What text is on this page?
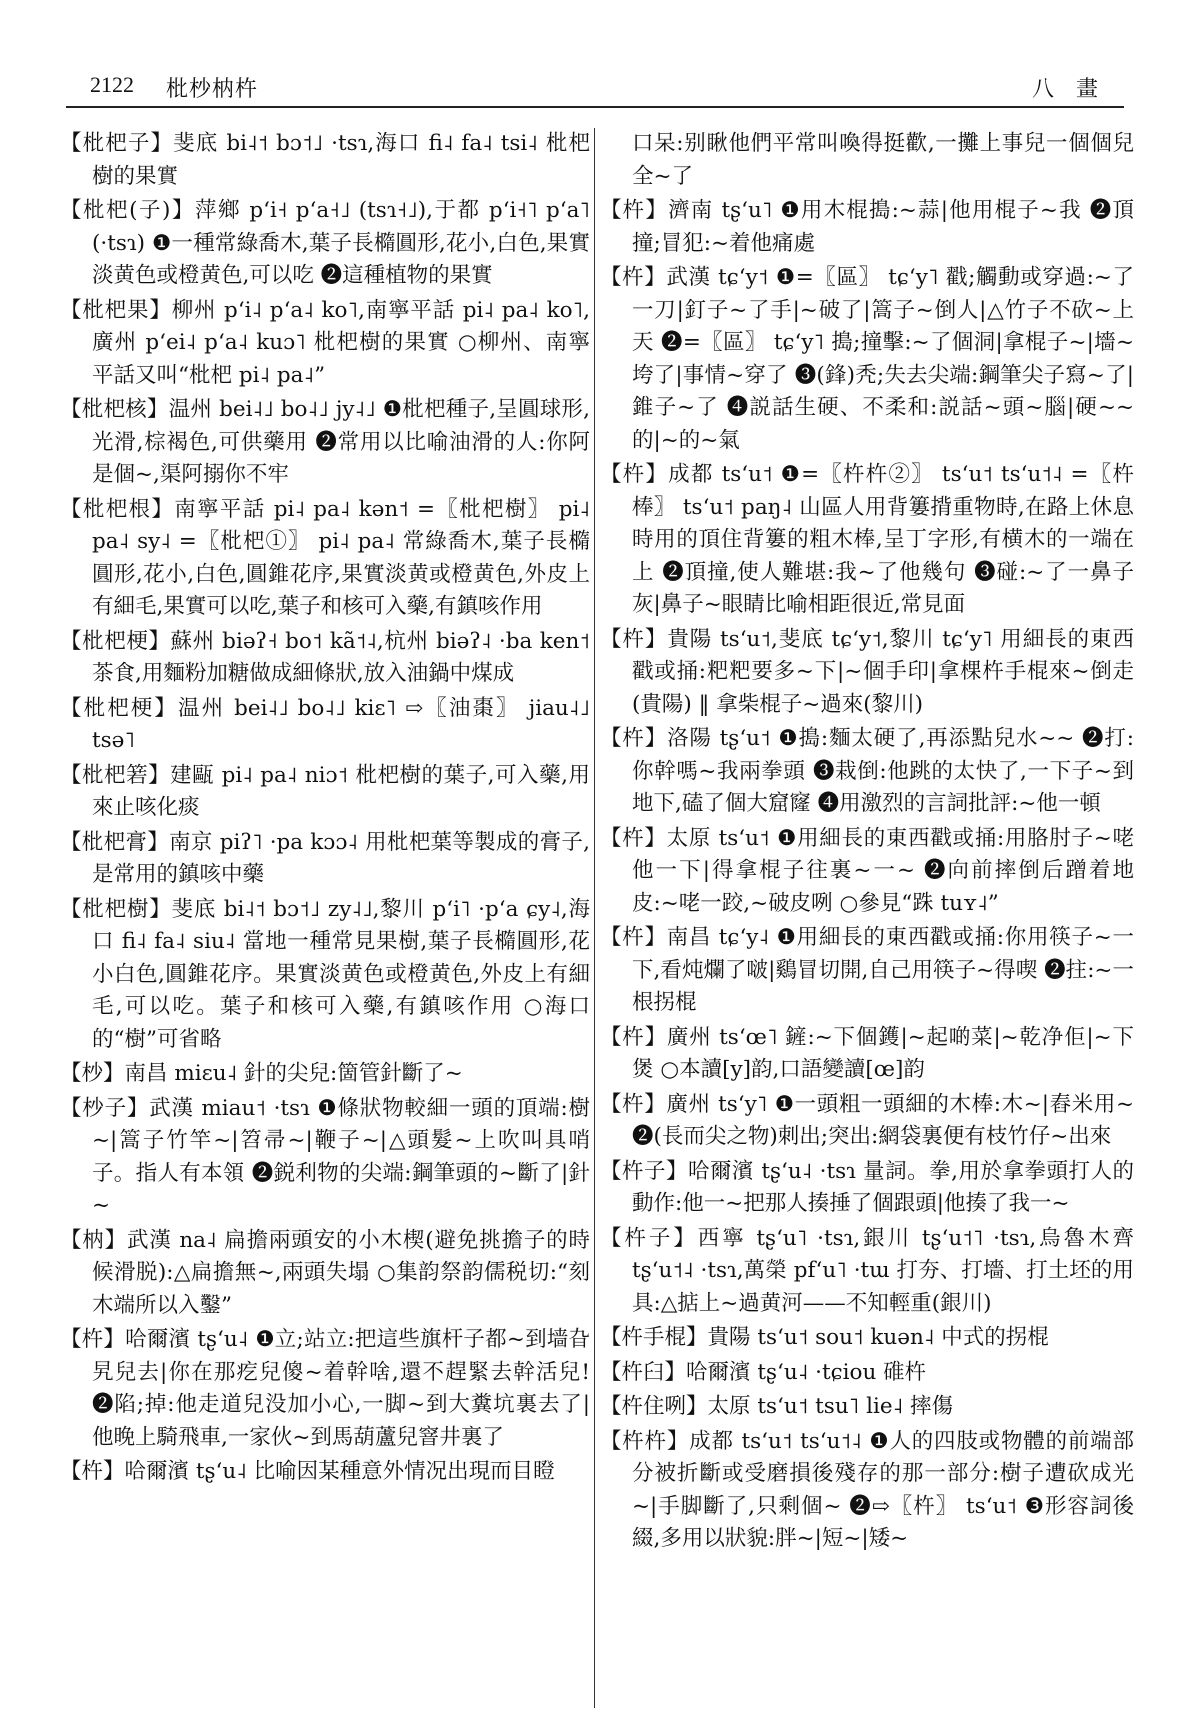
2122 枇杪枘杵	八畫

【枇杷子】斐底 bi˨˦ bɔ˦˩ ·tsɿ,海口 fi˨ fa˨ tsi˨ 枇杷樹的果實

【枇杷(子)】萍鄉 pʻi˧ pʻa˧˩ (tsɿ˧˩),于都 pʻi˧˥ pʻa˥ (·tsɿ) ❶一種常綠喬木,葉子長橢圓形,花小,白色,果實淡黄色或橙黄色,可以吃 ❷這種植物的果實

【枇杷果】柳州 pʻi˨ pʻa˨ ko˥,南寧平話 pi˨ pa˨ ko˥,廣州 pʻei˨ pʻa˨ kuɔ˥ 枇杷樹的果實 ○柳州、南寧平話又叫“枇杷 pi˨ pa˨”

【枇杷核】温州 bei˨˩ bo˨˩ jy˨˩ ❶枇杷種子,呈圓球形,光滑,棕褐色,可供藥用 ❷常用以比喻油滑的人:你阿是個~,渠阿搦你不牢

【枇杷根】南寧平話 pi˨ pa˨ kən˦ =〖枇杷樹〗 pi˨ pa˨ sy˨ =〖枇杷①〗 pi˨ pa˨ 常綠喬木,葉子長橢圓形,花小,白色,圓錐花序,果實淡黄或橙黄色,外皮上有細毛,果實可以吃,葉子和核可入藥,有鎮咳作用

【枇杷梗】蘇州 biəʔ˧ bo˦ kã˦˨,杭州 biəʔ˨ ·ba ken˦ 茶食,用麵粉加糖做成細條狀,放入油鍋中煤成

【枇杷梗】温州 bei˨˩ bo˨˩ kiɛ˥ ⇨〖油棗〗 jiau˨˩ tsə˥

【枇杷箬】建甌 pi˨ pa˨ niɔ˦ 枇杷樹的葉子,可入藥,用來止咳化痰

【枇杷膏】南京 piʔ˥ ·pa kɔɔ˨ 用枇杷葉等製成的膏子,是常用的鎮咳中藥

【枇杷樹】斐底 bi˨˦ bɔ˦˩ zy˨˩,黎川 pʻi˥ ·pʻa ɕy˨,海口 fi˨ fa˨ siu˨ 當地一種常見果樹,葉子長橢圓形,花小白色,圓錐花序。果實淡黄色或橙黄色,外皮上有細毛,可以吃。葉子和核可入藥,有鎮咳作用 ○海口的“樹”可省略

【杪】南昌 miɛu˨ 針的尖兒:箇管針斷了~

【杪子】武漢 miau˦ ·tsɿ ❶條狀物較細一頭的頂端:樹~|篙子竹竿~|笤帚~|鞭子~|△頭髮~上吹叫具哨子。指人有本領 ❷鋭利物的尖端:鋼筆頭的~斷了|針~

【枘】武漢 na˨ 扁擔兩頭安的小木楔(避免挑擔子的時候滑脱):△扁擔無~,兩頭失塌 ○集韵祭韵儒税切:“刻木端所以入鑿”

【杵】哈爾濱 tʂʻu˨ ❶立;站立:把這些旗杆子都~到墙旮旯兒去|你在那疙兒傻~着幹啥,還不趕緊去幹活兒! ❷陷;掉:他走道兒没加小心,一脚~到大糞坑裏去了|他晚上騎飛車,一家伙~到馬葫蘆兒窨井裏了

【杵】哈爾濱 tʂʻu˨ 比喻因某種意外情况出現而目瞪

口呆:别瞅他們平常叫喚得挺歡,一攤上事兒一個個兒全~了

【杵】濟南 tʂʻu˥ ❶用木棍搗:~蒜|他用棍子~我 ❷頂撞;冒犯:~着他痛處

【杵】武漢 tɕʻy˦ ❶=〖區〗 tɕʻy˥ 戳;觸動或穿過:~了一刀|釘子~了手|~破了|篙子~倒人|△竹子不砍~上天 ❷=〖區〗 tɕʻy˥ 搗;撞擊:~了個洞|拿棍子~|墻~垮了|事情~穿了 ❸(鋒)秃;失去尖端:鋼筆尖子寫~了|錐子~了 ❹説話生硬、不柔和:説話~頭~腦|硬~~的|~的~氣

【杵】成都 tsʻu˦ ❶=〖杵杵②〗 tsʻu˦ tsʻu˦˨ =〖杵棒〗 tsʻu˦ paŋ˨ 山區人用背簍揹重物時,在路上休息時用的頂住背簍的粗木棒,呈丁字形,有横木的一端在上 ❷頂撞,使人難堪:我~了他幾句 ❸碰:~了一鼻子灰|鼻子~眼睛比喻相距很近,常見面

【杵】貴陽 tsʻu˦,斐底 tɕʻy˦,黎川 tɕʻy˥ 用細長的東西戳或捅:粑粑要多~下|~個手印|拿棵杵手棍來~倒走(貴陽) ‖ 拿柴棍子~過來(黎川)

【杵】洛陽 tʂʻu˦ ❶搗:麵太硬了,再添點兒水~~ ❷打:你幹嗎~我兩拳頭 ❸栽倒:他跳的太快了,一下子~到地下,磕了個大窟窿 ❹用激烈的言詞批評:~他一頓

【杵】太原 tsʻu˦ ❶用細長的東西戳或捅:用胳肘子~咾他一下|得拿棍子往裏~一~ ❷向前摔倒后蹭着地皮:~咾一跤,~破皮咧 ○參見“跦 tuʏ˨”

【杵】南昌 tɕʻy˨ ❶用細長的東西戳或捅:你用筷子~一下,看炖爛了啵|鷄冒切開,自己用筷子~得喫 ❷拄:~一根拐棍

【杵】廣州 tsʻœ˥ 鏟:~下個鑊|~起啲菜|~乾净佢|~下煲 ○本讀[y]韵,口語變讀[œ]韵

【杵】廣州 tsʻy˥ ❶一頭粗一頭細的木棒:木~|舂米用~ ❷(長而尖之物)刺出;突出:網袋裏便有枝竹仔~出來

【杵子】哈爾濱 tʂʻu˨ ·tsɿ 量詞。拳,用於拿拳頭打人的動作:他一~把那人揍捶了個跟頭|他揍了我一~

【杵子】西寧 tʂʻu˥ ·tsɿ,銀川 tʂʻu˦˥ ·tsɿ,烏魯木齊 tʂʻu˦˨ ·tsɿ,萬榮 pfʻu˥ ·tɯ 打夯、打墻、打土坯的用具:△掂上~過黄河——不知輕重(銀川)

【杵手棍】貴陽 tsʻu˦ sou˦ kuən˨ 中式的拐棍

【杵臼】哈爾濱 tʂʻu˨ ·tɕiou 碓杵

【杵住咧】太原 tsʻu˦ tsu˥ lie˨ 摔傷

【杵杵】成都 tsʻu˦ tsʻu˦˨ ❶人的四肢或物體的前端部分被折斷或受磨損後殘存的那一部分:樹子遭砍成光~|手脚斷了,只剩個~ ❷⇨〖杵〗 tsʻu˦ ❸形容詞後綴,多用以狀貌:胖~|短~|矮~
